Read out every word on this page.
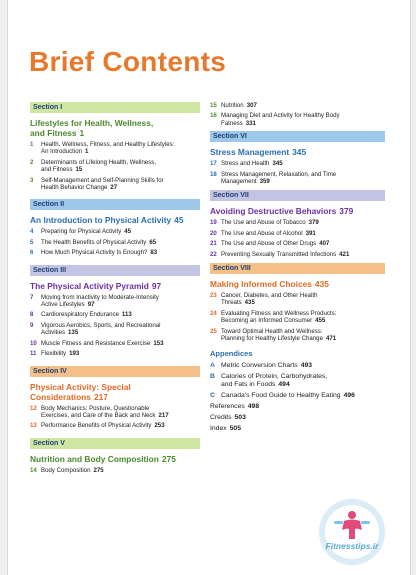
Brief Contents
Section I
Lifestyles for Health, Wellness,
and Fitness 1
1 Health, Wellness, Fitness, and Healthy Lifestyles:
An Introduction 1
2 Determinants of Lifelong Health, Wellness,
and Fitness 15
3 Self-Management and Self-Planning Skills for
Health Behavior Change 27
Section II
An Introduction to Physical Activity 45
4 Preparing for Physical Activity 45
5 The Health Benefits of Physical Activity 65
6 How Much Physical Activity Is Enough? 83
Section III
The Physical Activity Pyramid 97
7 Moving from Inactivity to Moderate-Intensity
Active Lifestyles 97
8 Cardiorespiratory Endurance 113
9 Vigorous Aerobics, Sports, and Recreational
Activities 135
10 Muscle Fitness and Resistance Exercise 153
11 Flexibility 193
Section IV
Physical Activity: Special
Considerations 217
12 Body Mechanics: Posture, Questionable
Exercises, and Care of the Back and Neck 217
13 Performance Benefits of Physical Activity 253
Section V
Nutrition and Body Composition 275
14 Body Composition 275
15 Nutrition 307
16 Managing Diet and Activity for Healthy Body
Fatness 331
Section VI
Stress Management 345
17 Stress and Health 345
18 Stress Management, Relaxation, and Time
Management 359
Section VII
Avoiding Destructive Behaviors 379
19 The Use and Abuse of Tobacco 379
20 The Use and Abuse of Alcohol 391
21 The Use and Abuse of Other Drugs 407
22 Preventing Sexually Transmitted Infections 421
Section VIII
Making Informed Choices 435
23 Cancer, Diabetes, and Other Health
Threats 435
24 Evaluating Fitness and Wellness Products:
Becoming an Informed Consumer 455
25 Toward Optimal Health and Wellness:
Planning for Healthy Lifestyle Change 471
Appendices
A Metric Conversion Charts 493
B Calories of Protein, Carbohydrates,
and Fats in Foods 494
C Canada's Food Guide to Healthy Eating 496
References 498
Credits 503
Index 505
Fitnesstips.ir
